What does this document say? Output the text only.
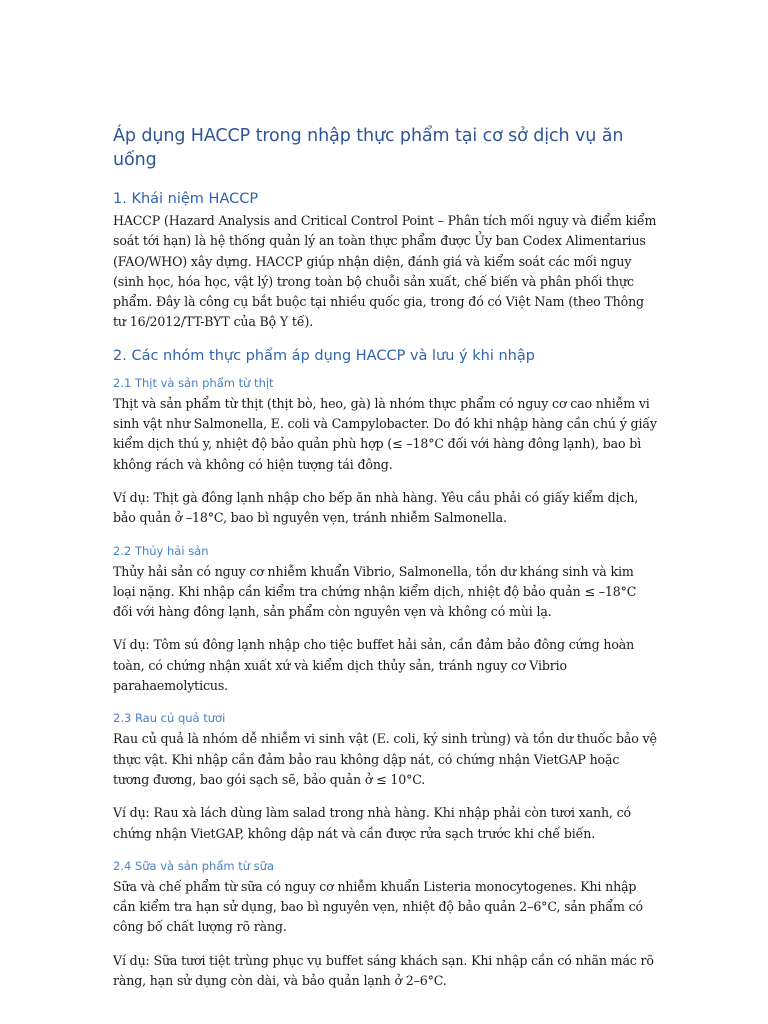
Áp dụng HACCP trong nhập thực phẩm tại cơ sở dịch vụ ăn uống
1. Khái niệm HACCP

HACCP (Hazard Analysis and Critical Control Point – Phân tích mối nguy và điểm kiểm soát tới hạn) là hệ thống quản lý an toàn thực phẩm được Ủy ban Codex Alimentarius (FAO/WHO) xây dựng. HACCP giúp nhận diện, đánh giá và kiểm soát các mối nguy (sinh học, hóa học, vật lý) trong toàn bộ chuỗi sản xuất, chế biến và phân phối thực phẩm. Đây là công cụ bắt buộc tại nhiều quốc gia, trong đó có Việt Nam (theo Thông tư 16/2012/TT-BYT của Bộ Y tế).

2. Các nhóm thực phẩm áp dụng HACCP và lưu ý khi nhập
2.1 Thịt và sản phẩm từ thịt

Thịt và sản phẩm từ thịt (thịt bò, heo, gà) là nhóm thực phẩm có nguy cơ cao nhiễm vi sinh vật như Salmonella, E. coli và Campylobacter. Do đó khi nhập hàng cần chú ý giấy kiểm dịch thú y, nhiệt độ bảo quản phù hợp (≤ –18°C đối với hàng đông lạnh), bao bì không rách và không có hiện tượng tái đông.

Ví dụ: Thịt gà đông lạnh nhập cho bếp ăn nhà hàng. Yêu cầu phải có giấy kiểm dịch, bảo quản ở –18°C, bao bì nguyên vẹn, tránh nhiễm Salmonella.

2.2 Thủy hải sản

Thủy hải sản có nguy cơ nhiễm khuẩn Vibrio, Salmonella, tồn dư kháng sinh và kim loại nặng. Khi nhập cần kiểm tra chứng nhận kiểm dịch, nhiệt độ bảo quản ≤ –18°C đối với hàng đông lạnh, sản phẩm còn nguyên vẹn và không có mùi lạ.

Ví dụ: Tôm sú đông lạnh nhập cho tiệc buffet hải sản, cần đảm bảo đông cứng hoàn toàn, có chứng nhận xuất xứ và kiểm dịch thủy sản, tránh nguy cơ Vibrio parahaemolyticus.

2.3 Rau củ quả tươi

Rau củ quả là nhóm dễ nhiễm vi sinh vật (E. coli, ký sinh trùng) và tồn dư thuốc bảo vệ thực vật. Khi nhập cần đảm bảo rau không dập nát, có chứng nhận VietGAP hoặc tương đương, bao gói sạch sẽ, bảo quản ở ≤ 10°C.

Ví dụ: Rau xà lách dùng làm salad trong nhà hàng. Khi nhập phải còn tươi xanh, có chứng nhận VietGAP, không dập nát và cần được rửa sạch trước khi chế biến.

2.4 Sữa và sản phẩm từ sữa

Sữa và chế phẩm từ sữa có nguy cơ nhiễm khuẩn Listeria monocytogenes. Khi nhập cần kiểm tra hạn sử dụng, bao bì nguyên vẹn, nhiệt độ bảo quản 2–6°C, sản phẩm có công bố chất lượng rõ ràng.

Ví dụ: Sữa tươi tiệt trùng phục vụ buffet sáng khách sạn. Khi nhập cần có nhãn mác rõ ràng, hạn sử dụng còn dài, và bảo quản lạnh ở 2–6°C.
